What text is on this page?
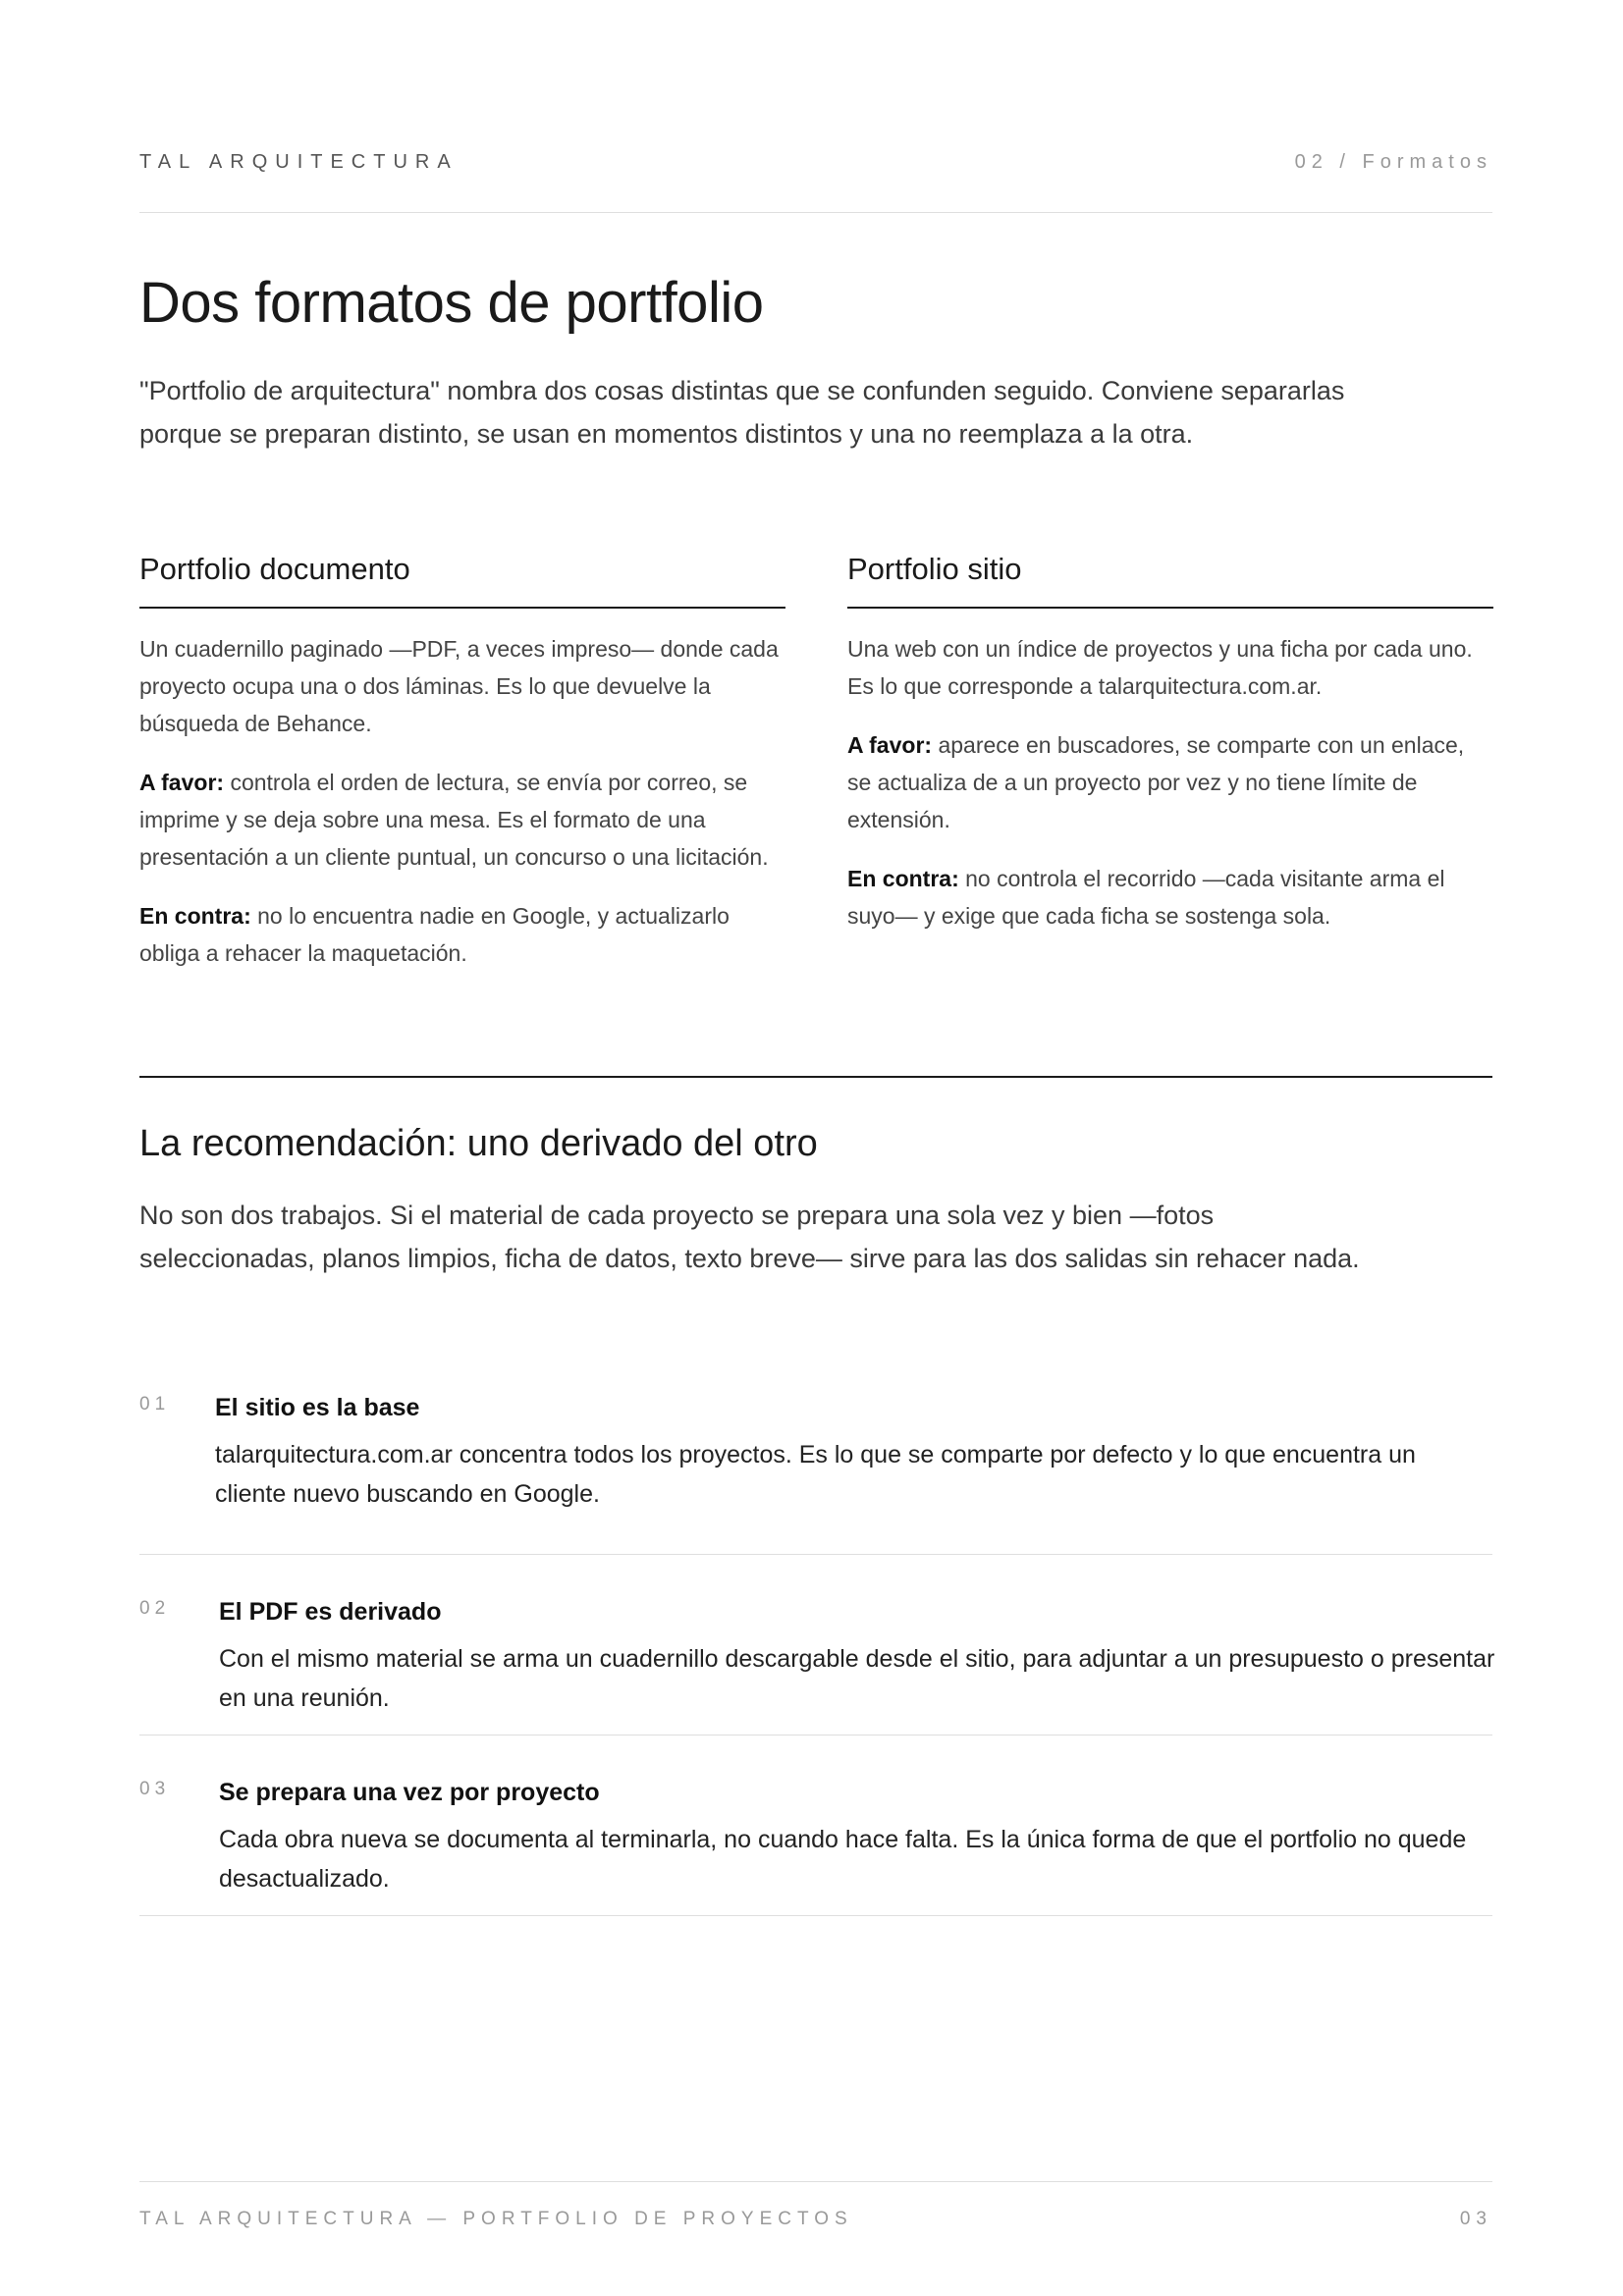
TAL ARQUITECTURA	02 / Formatos
Dos formatos de portfolio

"Portfolio de arquitectura" nombra dos cosas distintas que se confunden seguido. Conviene separarlas porque se preparan distinto, se usan en momentos distintos y una no reemplaza a la otra.

Portfolio documento

Un cuadernillo paginado —PDF, a veces impreso— donde cada proyecto ocupa una o dos láminas. Es lo que devuelve la búsqueda de Behance.

A favor: controla el orden de lectura, se envía por correo, se imprime y se deja sobre una mesa. Es el formato de una presentación a un cliente puntual, un concurso o una licitación.

En contra: no lo encuentra nadie en Google, y actualizarlo obliga a rehacer la maquetación.

Portfolio sitio

Una web con un índice de proyectos y una ficha por cada uno. Es lo que corresponde a talarquitectura.com.ar.

A favor: aparece en buscadores, se comparte con un enlace, se actualiza de a un proyecto por vez y no tiene límite de extensión.

En contra: no controla el recorrido —cada visitante arma el suyo— y exige que cada ficha se sostenga sola.

La recomendación: uno derivado del otro

No son dos trabajos. Si el material de cada proyecto se prepara una sola vez y bien —fotos seleccionadas, planos limpios, ficha de datos, texto breve— sirve para las dos salidas sin rehacer nada.

01 El sitio es la base

talarquitectura.com.ar concentra todos los proyectos. Es lo que se comparte por defecto y lo que encuentra un cliente nuevo buscando en Google.

02 El PDF es derivado

Con el mismo material se arma un cuadernillo descargable desde el sitio, para adjuntar a un presupuesto o presentar en una reunión.

03 Se prepara una vez por proyecto

Cada obra nueva se documenta al terminarla, no cuando hace falta. Es la única forma de que el portfolio no quede desactualizado.

TAL ARQUITECTURA — PORTFOLIO DE PROYECTOS	03
